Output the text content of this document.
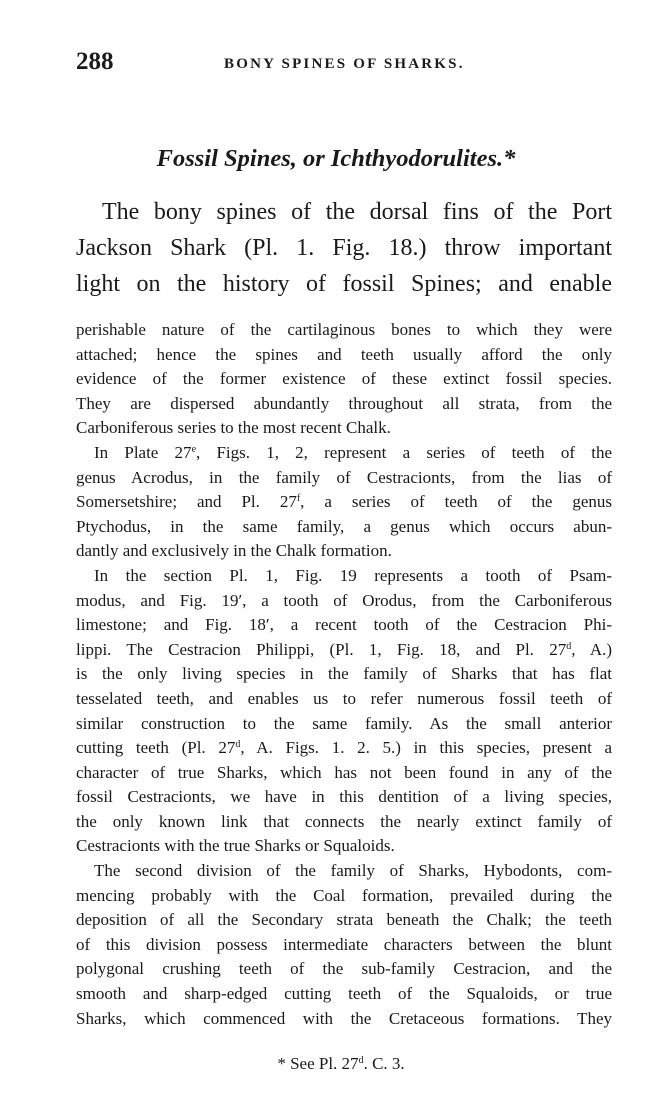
288	BONY SPINES OF SHARKS.
Fossil Spines, or Ichthyodorulites.*
The bony spines of the dorsal fins of the Port
Jackson Shark (Pl. 1. Fig. 18.) throw important
light on the history of fossil Spines; and enable
perishable nature of the cartilaginous bones to which they were
attached; hence the spines and teeth usually afford the only
evidence of the former existence of these extinct fossil species.
They are dispersed abundantly throughout all strata, from the
Carboniferous series to the most recent Chalk.
In Plate 27e, Figs. 1, 2, represent a series of teeth of the
genus Acrodus, in the family of Cestracionts, from the lias of
Somersetshire; and Pl. 27$^f$, a series of teeth of the genus
Ptychodus, in the same family, a genus which occurs abun-
dantly and exclusively in the Chalk formation.
In the section Pl. 1, Fig. 19 represents a tooth of Psam-
modus, and Fig. 19′, a tooth of Orodus, from the Carboniferous
limestone; and Fig. 18′, a recent tooth of the Cestracion Phi-
lippi. The Cestracion Philippi, (Pl. 1, Fig. 18, and Pl. 27$^d$, A.)
is the only living species in the family of Sharks that has flat
tesselated teeth, and enables us to refer numerous fossil teeth of
similar construction to the same family. As the small anterior
cutting teeth (Pl. 27$^d$, A. Figs. 1. 2. 5.) in this species, present a
character of true Sharks, which has not been found in any of the
fossil Cestracionts, we have in this dentition of a living species,
the only known link that connects the nearly extinct family of
Cestracionts with the true Sharks or Squaloids.
The second division of the family of Sharks, Hybodonts, com-
mencing probably with the Coal formation, prevailed during the
deposition of all the Secondary strata beneath the Chalk; the teeth
of this division possess intermediate characters between the blunt
polygonal crushing teeth of the sub-family Cestracion, and the
smooth and sharp-edged cutting teeth of the Squaloids, or true
Sharks, which commenced with the Cretaceous formations. They
* See Pl. 27$^d$. C. 3.
